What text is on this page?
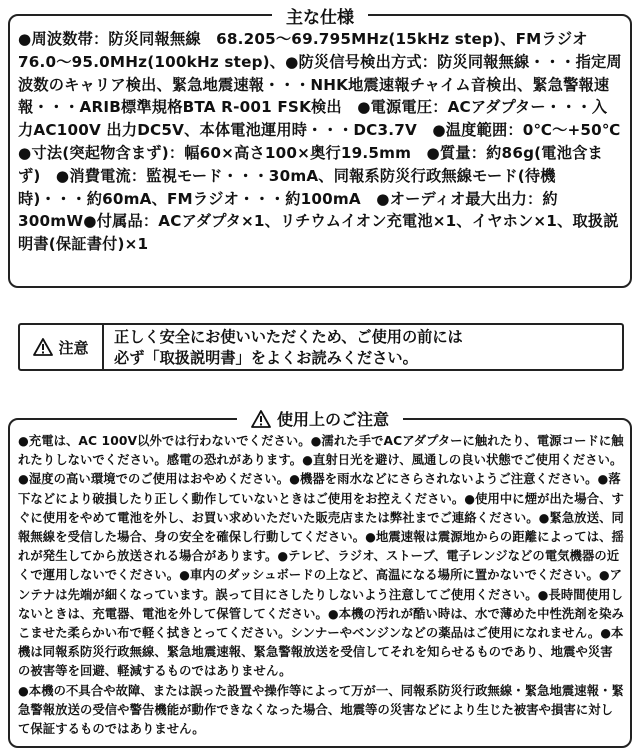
主な仕様
●周波数帯：防災同報無線　68.205〜69.795MHz(15kHz step)、FMラジオ　76.0〜95.0MHz(100kHz step)、●防災信号検出方式：防災同報無線・・・指定周波数のキャリア検出、緊急地震速報・・・NHK地震速報チャイム音検出、緊急警報速報・・・ARIB標準規格BTA R-001 FSK検出　●電源電圧：ACアダプター・・・入力AC100V 出力DC5V、本体電池運用時・・・DC3.7V　●温度範囲：0℃〜+50℃　●寸法(突起物含まず)：幅60×高さ100×奥行19.5mm　●質量：約86g(電池含まず)　●消費電流：監視モード・・・30mA、同報系防災行政無線モード(待機時)・・・約60mA、FMラジオ・・・約100mA　●オーディオ最大出力：約300mW●付属品：ACアダプタ×1、リチウムイオン充電池×1、イヤホン×1、取扱説明書(保証書付)×1
注意
正しく安全にお使いいただくため、ご使用の前には
必ず「取扱説明書」をよくお読みください。
使用上のご注意
●充電は、AC 100V以外では行わないでください。●濡れた手でACアダプターに触れたり、電源コードに触れたりしないでください。感電の恐れがあります。●直射日光を避け、風通しの良い状態でご使用ください。●湿度の高い環境でのご使用はおやめください。●機器を雨水などにさらされないようご注意ください。●落下などにより破損したり正しく動作していないときはご使用をお控えください。●使用中に煙が出た場合、すぐに使用をやめて電池を外し、お買い求めいただいた販売店または弊社までご連絡ください。●緊急放送、同報無線を受信した場合、身の安全を確保し行動してください。●地震速報は震源地からの距離によっては、揺れが発生してから放送される場合があります。●テレビ、ラジオ、ストーブ、電子レンジなどの電気機器の近くで運用しないでください。●車内のダッシュボードの上など、高温になる場所に置かないでください。●アンテナは先端が細くなっています。誤って目にさしたりしないよう注意してご使用ください。●長時間使用しないときは、充電器、電池を外して保管してください。●本機の汚れが酷い時は、水で薄めた中性洗剤を染みこませた柔らかい布で軽く拭きとってください。シンナーやベンジンなどの薬品はご使用になれません。●本機は同報系防災行政無線、緊急地震速報、緊急警報放送を受信してそれを知らせるものであり、地震や災害の被害等を回避、軽減するものではありません。
●本機の不具合や故障、または誤った設置や操作等によって万が一、同報系防災行政無線・緊急地震速報・緊急警報放送の受信や警告機能が動作できなくなった場合、地震等の災害などにより生じた被害や損害に対して保証するものではありません。
